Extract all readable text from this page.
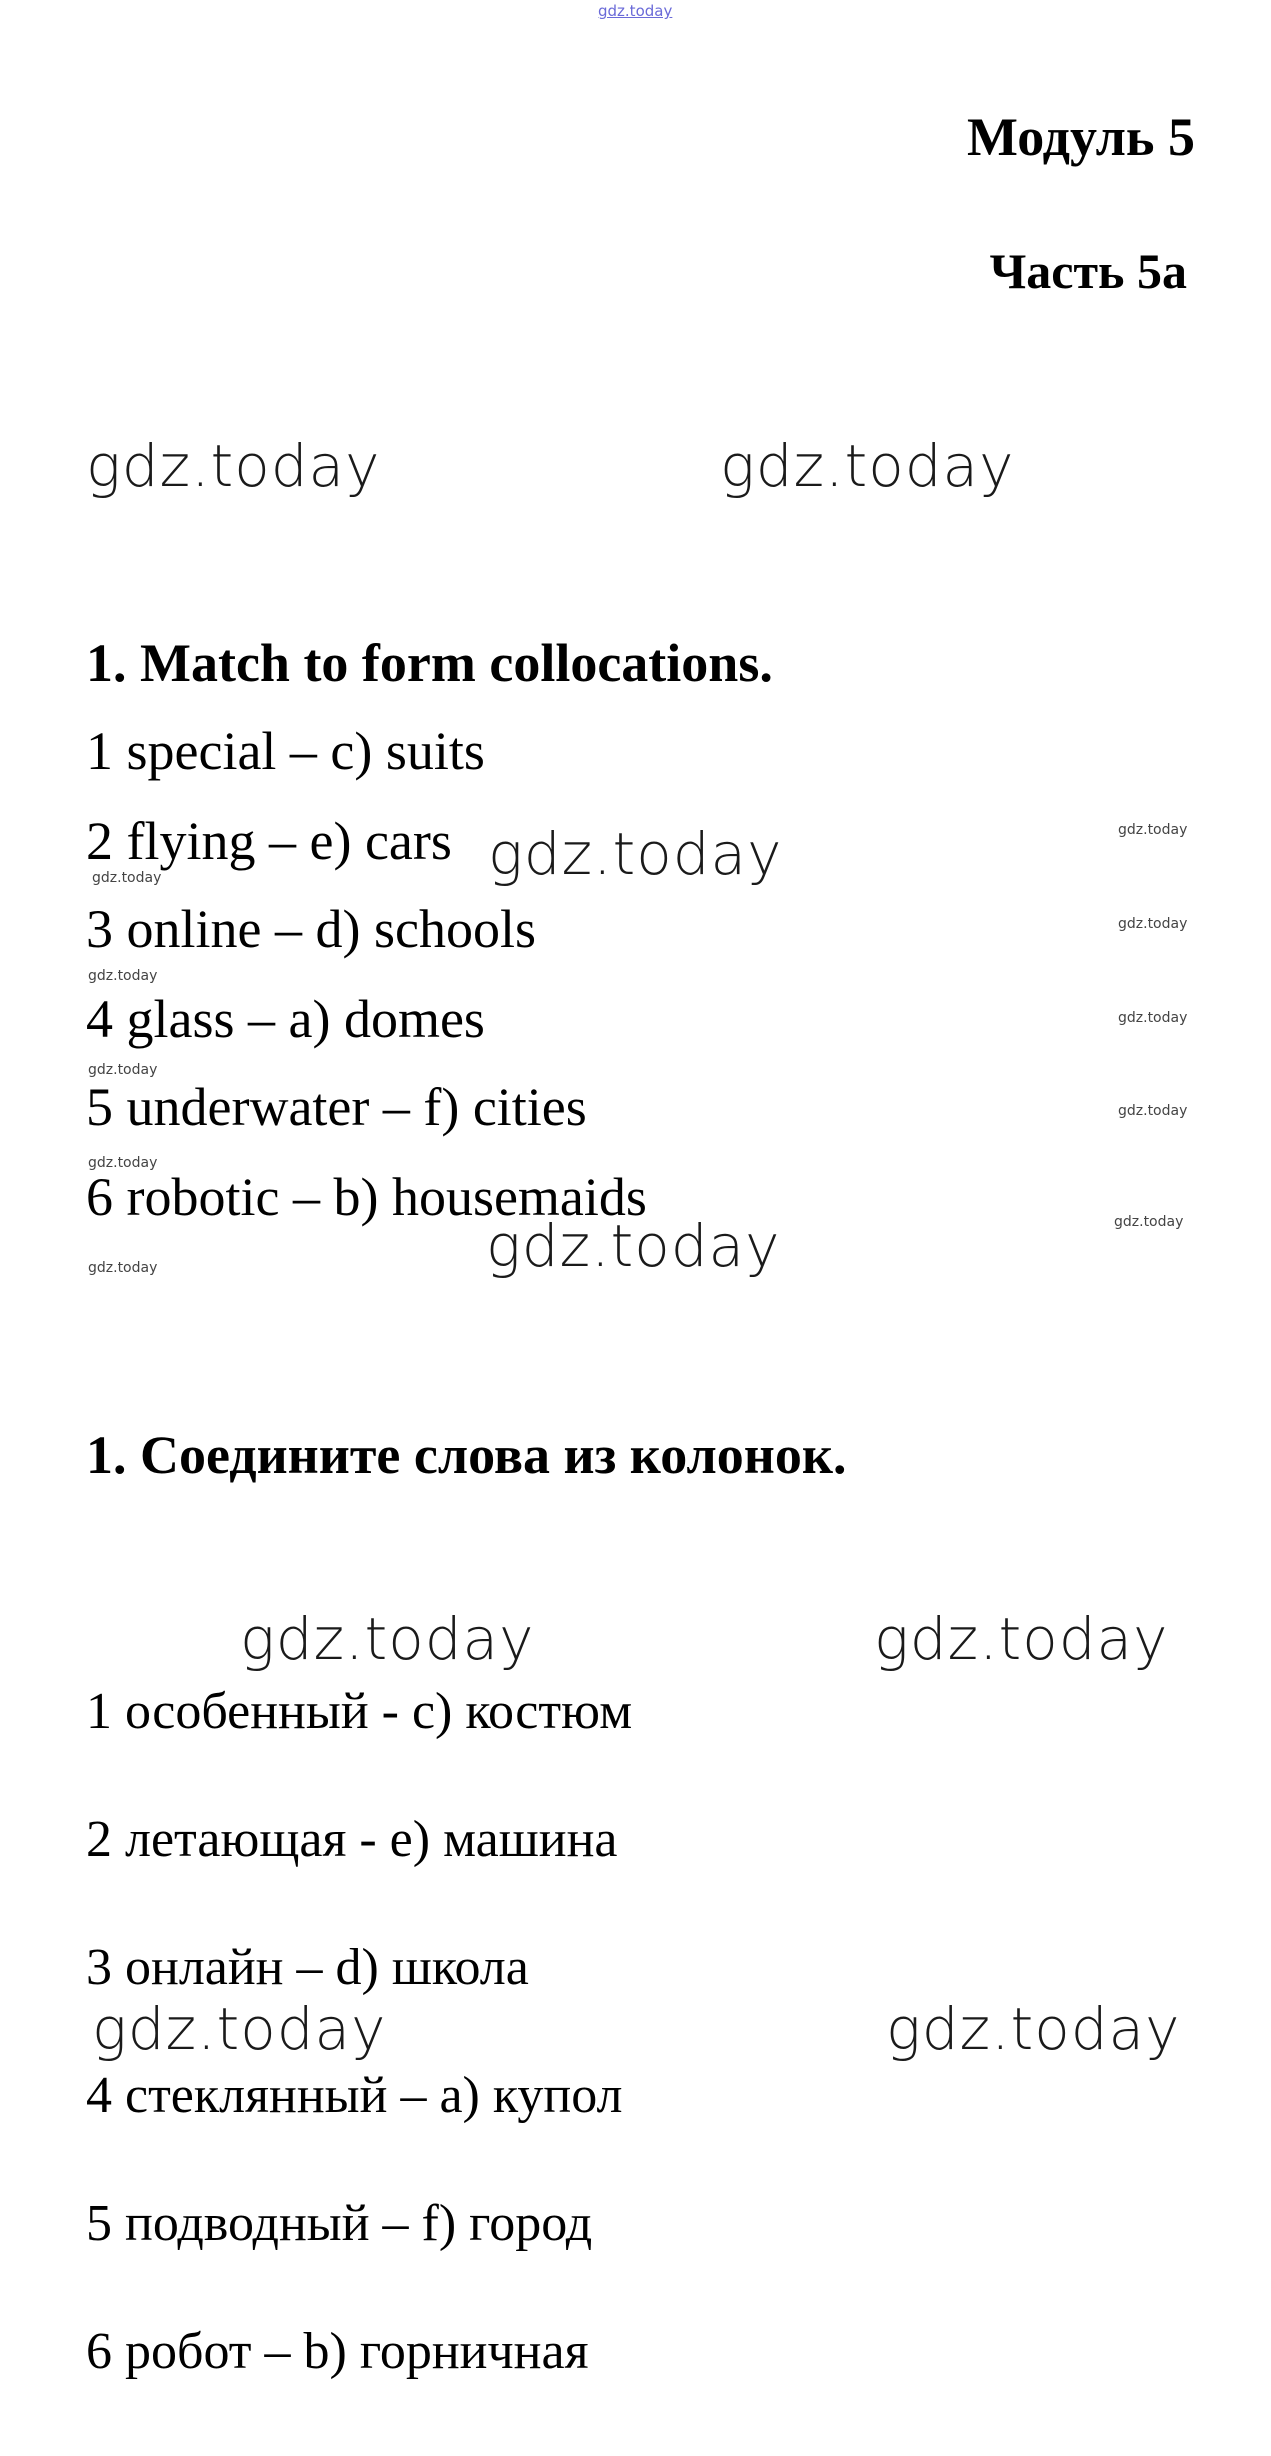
gdz.today
Модуль 5
Часть 5а
gdz.today	gdz.today
1. Match to form collocations.
1 special – c) suits
2 flying – e) cars
3 online – d) schools
4 glass – a) domes
5 underwater – f) cities
6 robotic – b) housemaids
gdz.today
gdz.today
gdz.today
gdz.today
gdz.today
gdz.today
gdz.today
gdz.today
gdz.today
gdz.today
gdz.today
gdz.today
1. Соедините слова из колонок.
gdz.today	gdz.today
1 особенный - с) костюм
2 летающая - е) машина
3 онлайн – d) школа
gdz.today	gdz.today
4 стеклянный – а) купол
5 подводный – f) город
6 робот – b) горничная
